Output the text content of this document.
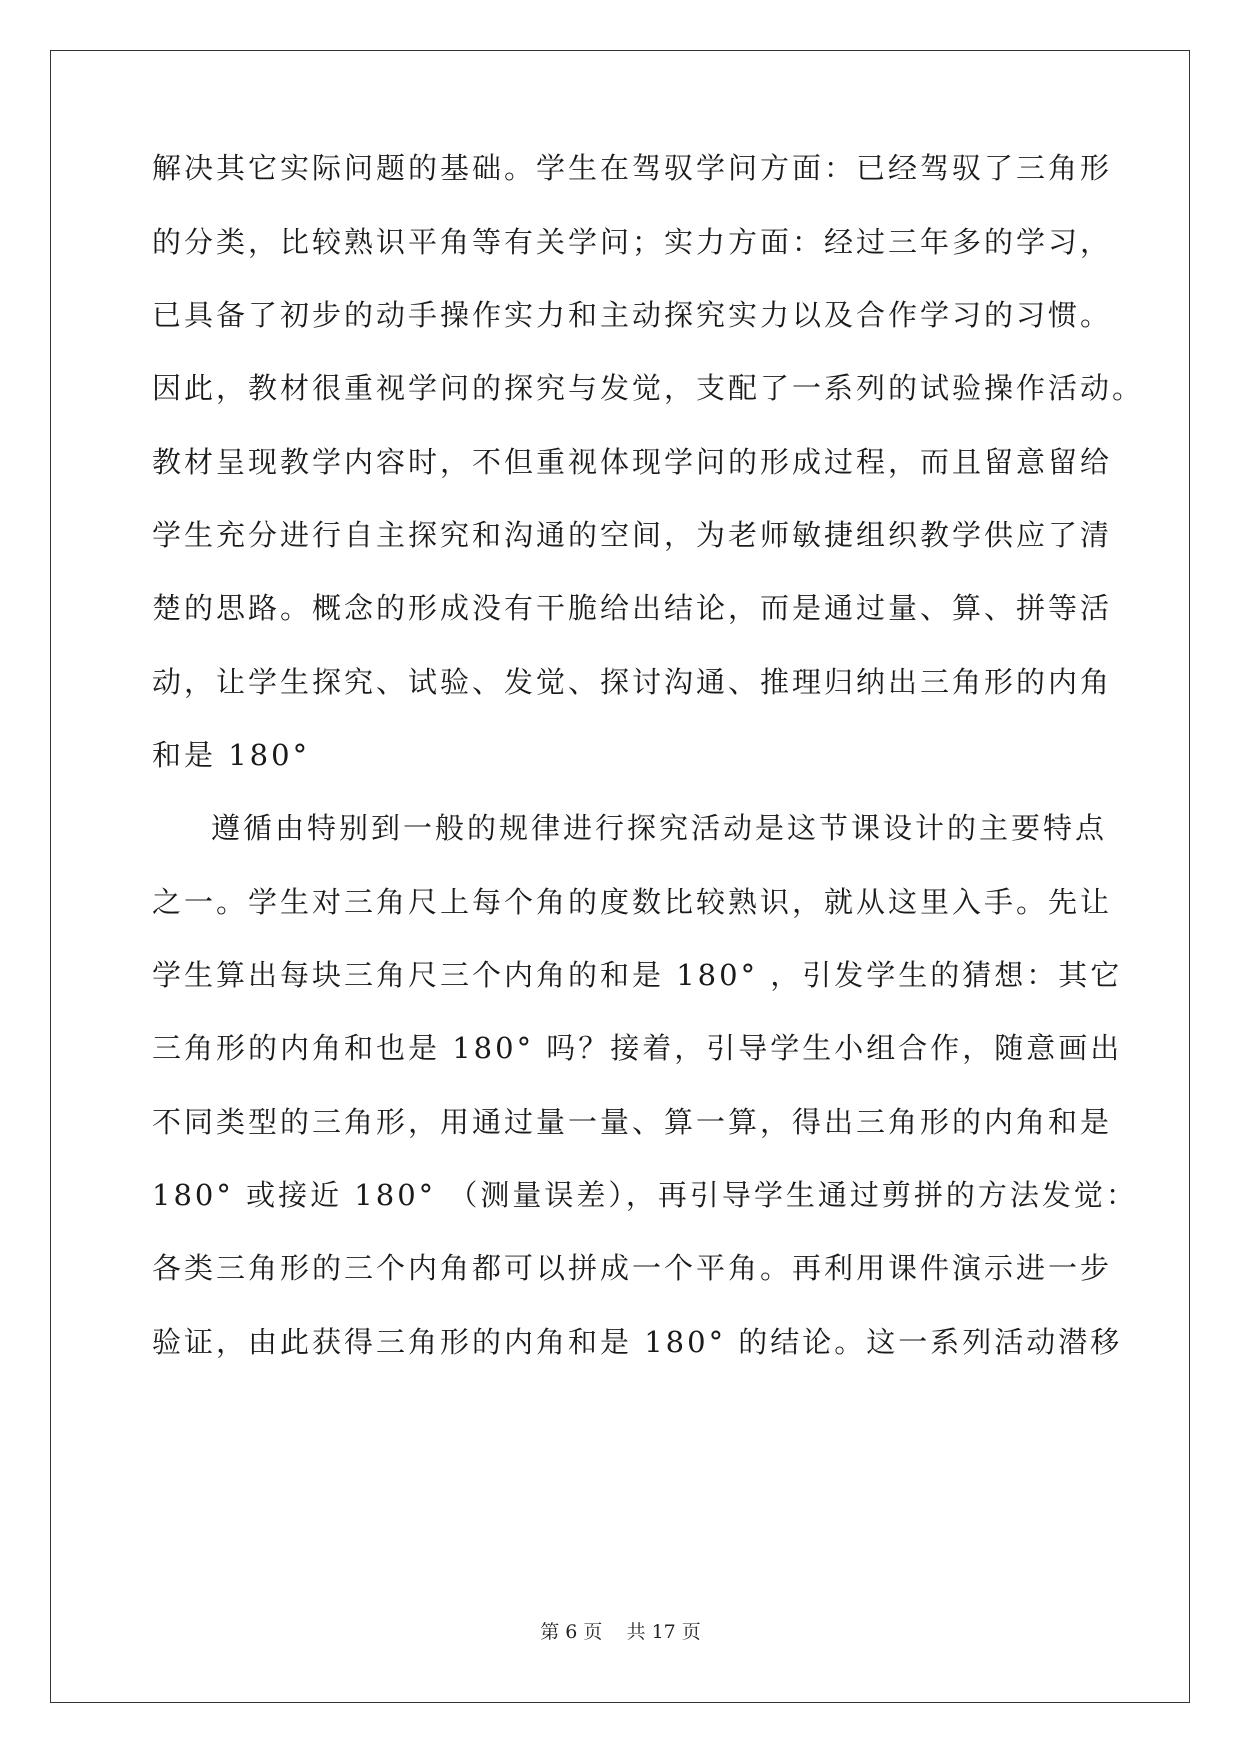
解决其它实际问题的基础。学生在驾驭学问方面：已经驾驭了三角形
的分类，比较熟识平角等有关学问；实力方面：经过三年多的学习，
已具备了初步的动手操作实力和主动探究实力以及合作学习的习惯。
因此，教材很重视学问的探究与发觉，支配了一系列的试验操作活动。
教材呈现教学内容时，不但重视体现学问的形成过程，而且留意留给
学生充分进行自主探究和沟通的空间，为老师敏捷组织教学供应了清
楚的思路。概念的形成没有干脆给出结论，而是通过量、算、拼等活
动，让学生探究、试验、发觉、探讨沟通、推理归纳出三角形的内角
和是 180°
遵循由特别到一般的规律进行探究活动是这节课设计的主要特点
之一。学生对三角尺上每个角的度数比较熟识，就从这里入手。先让
学生算出每块三角尺三个内角的和是 180° ，引发学生的猜想：其它
三角形的内角和也是 180° 吗？接着，引导学生小组合作，随意画出
不同类型的三角形，用通过量一量、算一算，得出三角形的内角和是
180° 或接近 180° （测量误差），再引导学生通过剪拼的方法发觉：
各类三角形的三个内角都可以拼成一个平角。再利用课件演示进一步
验证，由此获得三角形的内角和是 180° 的结论。这一系列活动潜移
第 6 页    共 17 页
